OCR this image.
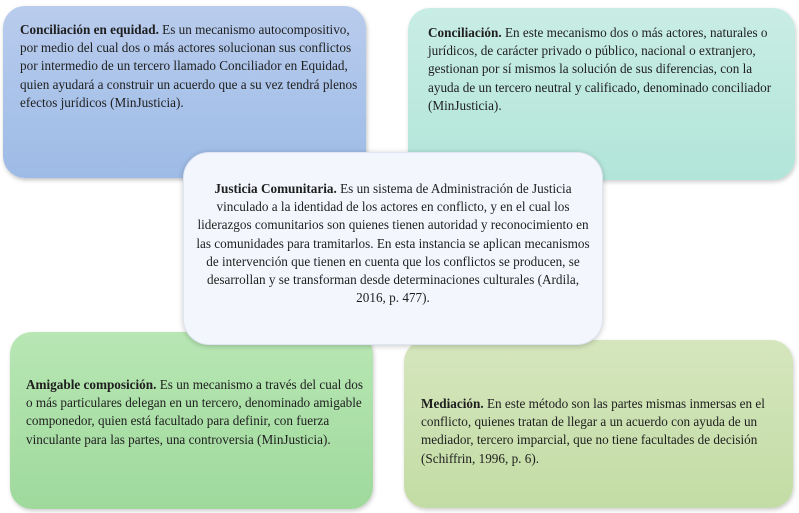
Conciliación en equidad. Es un mecanismo autocompositivo, por medio del cual dos o más actores solucionan sus conflictos por intermedio de un tercero llamado Conciliador en Equidad, quien ayudará a construir un acuerdo que a su vez tendrá plenos efectos jurídicos (MinJusticia).
Conciliación. En este mecanismo dos o más actores, naturales o jurídicos, de carácter privado o público, nacional o extranjero, gestionan por sí mismos la solución de sus diferencias, con la ayuda de un tercero neutral y calificado, denominado conciliador (MinJusticia).
Amigable composición. Es un mecanismo a través del cual dos o más particulares delegan en un tercero, denominado amigable componedor, quien está facultado para definir, con fuerza vinculante para las partes, una controversia (MinJusticia).
Mediación. En este método son las partes mismas inmersas en el conflicto, quienes tratan de llegar a un acuerdo con ayuda de un mediador, tercero imparcial, que no tiene facultades de decisión (Schiffrin, 1996, p. 6).
Justicia Comunitaria. Es un sistema de Administración de Justicia vinculado a la identidad de los actores en conflicto, y en el cual los liderazgos comunitarios son quienes tienen autoridad y reconocimiento en las comunidades para tramitarlos. En esta instancia se aplican mecanismos de intervención que tienen en cuenta que los conflictos se producen, se desarrollan y se transforman desde determinaciones culturales (Ardila, 2016, p. 477).
